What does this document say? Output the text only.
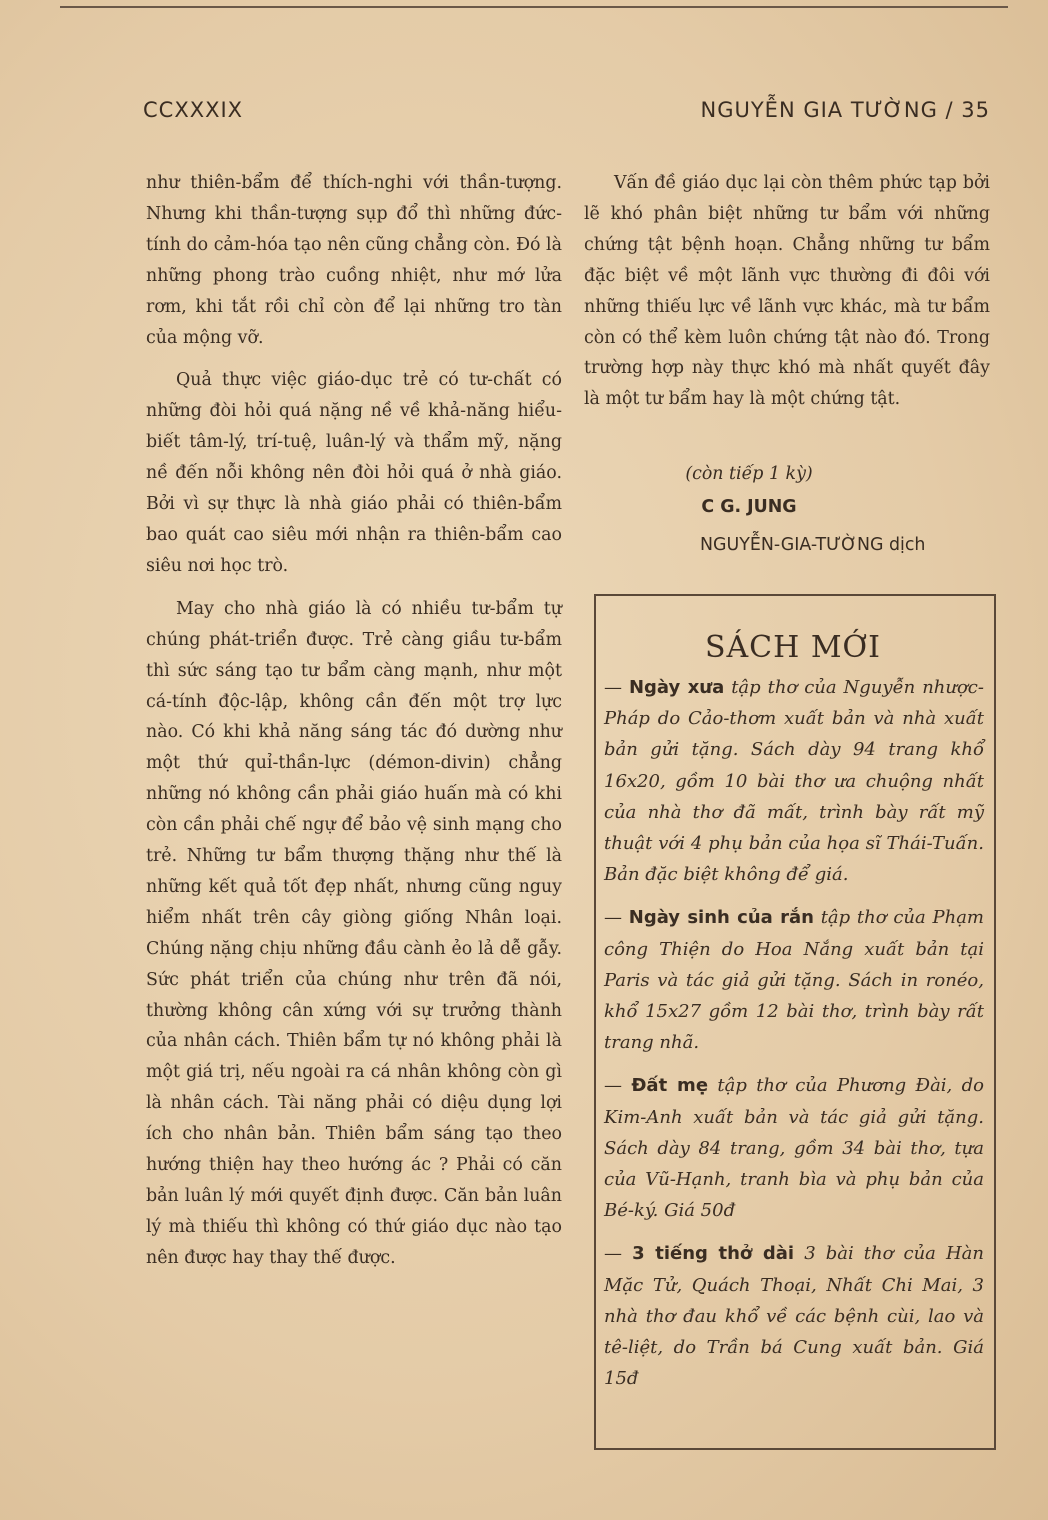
CCXXXIX	NGUYỄN GIA TƯỜNG / 35

như thiên-bẩm để thích-nghi với thần-tượng. Nhưng khi thần-tượng sụp đổ thì những đức-tính do cảm-hóa tạo nên cũng chẳng còn. Đó là những phong trào cuồng nhiệt, như mớ lửa rơm, khi tắt rồi chỉ còn để lại những tro tàn của mộng vỡ.

Quả thực việc giáo-dục trẻ có tư-chất có những đòi hỏi quá nặng nề về khả-năng hiểu-biết tâm-lý, trí-tuệ, luân-lý và thẩm mỹ, nặng nề đến nỗi không nên đòi hỏi quá ở nhà giáo. Bởi vì sự thực là nhà giáo phải có thiên-bẩm bao quát cao siêu mới nhận ra thiên-bẩm cao siêu nơi học trò.

May cho nhà giáo là có nhiều tư-bẩm tự chúng phát-triển được. Trẻ càng giầu tư-bẩm thì sức sáng tạo tư bẩm càng mạnh, như một cá-tính độc-lập, không cần đến một trợ lực nào. Có khi khả năng sáng tác đó dường như một thứ quỉ-thần-lực (démon-divin) chẳng những nó không cần phải giáo huấn mà có khi còn cần phải chế ngự để bảo vệ sinh mạng cho trẻ. Những tư bẩm thượng thặng như thế là những kết quả tốt đẹp nhất, nhưng cũng nguy hiểm nhất trên cây giòng giống Nhân loại. Chúng nặng chịu những đầu cành ẻo lả dễ gẫy. Sức phát triển của chúng như trên đã nói, thường không cân xứng với sự trưởng thành của nhân cách. Thiên bẩm tự nó không phải là một giá trị, nếu ngoài ra cá nhân không còn gì là nhân cách. Tài năng phải có diệu dụng lợi ích cho nhân bản. Thiên bẩm sáng tạo theo hướng thiện hay theo hướng ác ? Phải có căn bản luân lý mới quyết định được. Căn bản luân lý mà thiếu thì không có thứ giáo dục nào tạo nên được hay thay thế được.

Vấn đề giáo dục lại còn thêm phức tạp bởi lẽ khó phân biệt những tư bẩm với những chứng tật bệnh hoạn. Chẳng những tư bẩm đặc biệt về một lãnh vực thường đi đôi với những thiếu lực về lãnh vực khác, mà tư bẩm còn có thể kèm luôn chứng tật nào đó. Trong trường hợp này thực khó mà nhất quyết đây là một tư bẩm hay là một chứng tật.

(còn tiếp 1 kỳ)
C G. JUNG
NGUYỄN-GIA-TƯỜNG dịch
SÁCH MỚI

— Ngày xưa tập thơ của Nguyễn nhược-Pháp do Cảo-thơm xuất bản và nhà xuất bản gửi tặng. Sách dày 94 trang khổ 16x20, gồm 10 bài thơ ưa chuộng nhất của nhà thơ đã mất, trình bày rất mỹ thuật với 4 phụ bản của họa sĩ Thái-Tuấn. Bản đặc biệt không để giá.

— Ngày sinh của rắn tập thơ của Phạm công Thiện do Hoa Nắng xuất bản tại Paris và tác giả gửi tặng. Sách in ronéo, khổ 15x27 gồm 12 bài thơ, trình bày rất trang nhã.

— Đất mẹ tập thơ của Phương Đài, do Kim-Anh xuất bản và tác giả gửi tặng. Sách dày 84 trang, gồm 34 bài thơ, tựa của Vũ-Hạnh, tranh bìa và phụ bản của Bé-ký. Giá 50đ

— 3 tiếng thở dài 3 bài thơ của Hàn Mặc Tử, Quách Thoại, Nhất Chi Mai, 3 nhà thơ đau khổ về các bệnh cùi, lao và tê-liệt, do Trần bá Cung xuất bản. Giá 15đ
